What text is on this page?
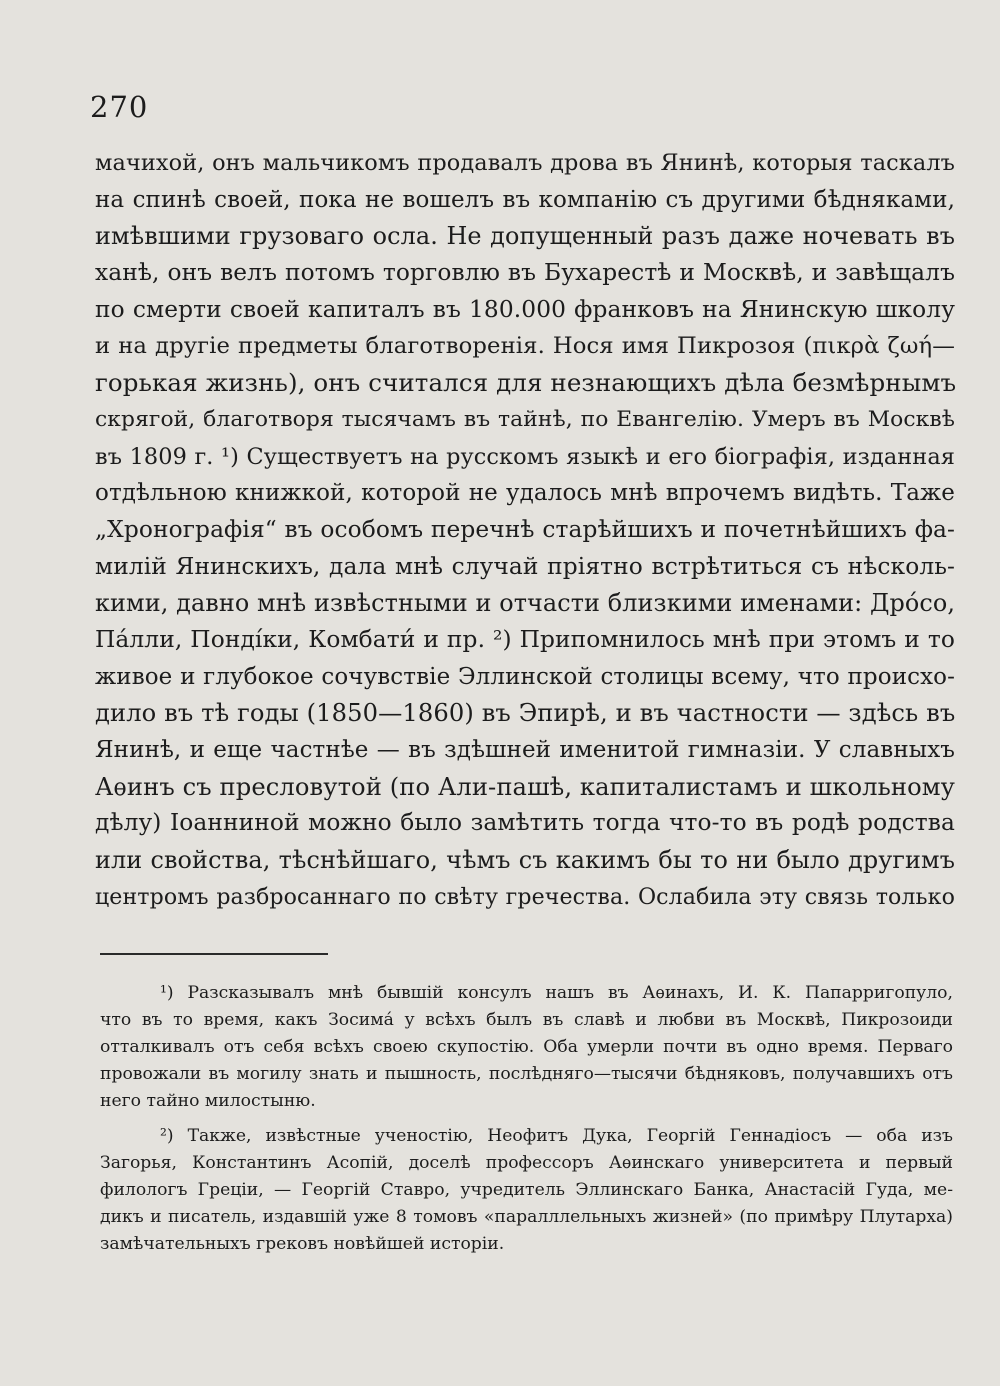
270
мачихой, онъ мальчикомъ продавалъ дрова въ Янинѣ, которыя таскалъ
на спинѣ своей, пока не вошелъ въ компанію съ другими бѣдняками,
имѣвшими грузоваго осла. Не допущенный разъ даже ночевать въ
ханѣ, онъ велъ потомъ торговлю въ Бухарестѣ и Москвѣ, и завѣщалъ
по смерти своей капиталъ въ 180.000 франковъ на Янинскую школу
и на другіе предметы благотворенія. Нося имя Пикрозоя (πικρὰ ζωή—
горькая жизнь), онъ считался для незнающихъ дѣла безмѣрнымъ
скрягой, благотворя тысячамъ въ тайнѣ, по Евангелію. Умеръ въ Москвѣ
въ 1809 г. ¹) Существуетъ на русскомъ языкѣ и его біографія, изданная
отдѣльною книжкой, которой не удалось мнѣ впрочемъ видѣть. Таже
„Хронографія“ въ особомъ перечнѣ старѣйшихъ и почетнѣйшихъ фа-
милій Янинскихъ, дала мнѣ случай пріятно встрѣтиться съ нѣсколь-
кими, давно мнѣ извѣстными и отчасти близкими именами: Дро́со,
Па́лли, Понді́ки, Комбати́ и пр. ²) Припомнилось мнѣ при этомъ и то
живое и глубокое сочувствіе Эллинской столицы всему, что происхо-
дило въ тѣ годы (1850—1860) въ Эпирѣ, и въ частности — здѣсь въ
Янинѣ, и еще частнѣе — въ здѣшней именитой гимназіи. У славныхъ
Аѳинъ съ пресловутой (по Али-пашѣ, капиталистамъ и школьному
дѣлу) Іоанниной можно было замѣтить тогда что-то въ родѣ родства
или свойства, тѣснѣйшаго, чѣмъ съ какимъ бы то ни было другимъ
центромъ разбросаннаго по свѣту гречества. Ослабила эту связь только
¹) Разсказывалъ мнѣ бывшій консулъ нашъ въ Аѳинахъ, И. К. Папарригопуло,
что въ то время, какъ Зосима́ у всѣхъ былъ въ славѣ и любви въ Москвѣ, Пикрозоиди
отталкивалъ отъ себя всѣхъ своею скупостію. Оба умерли почти въ одно время. Перваго
провожали въ могилу знать и пышность, послѣдняго—тысячи бѣдняковъ, получавшихъ отъ
него тайно милостыню.
²) Также, извѣстные ученостію, Неофитъ Дука, Георгій Геннадіосъ — оба изъ
Загорья, Константинъ Асопій, доселѣ профессоръ Аѳинскаго университета и первый
филологъ Греціи, — Георгій Ставро, учредитель Эллинскаго Банка, Анастасій Гуда, ме-
дикъ и писатель, издавшій уже 8 томовъ «паралллельныхъ жизней» (по примѣру Плутарха)
замѣчательныхъ грековъ новѣйшей исторіи.
